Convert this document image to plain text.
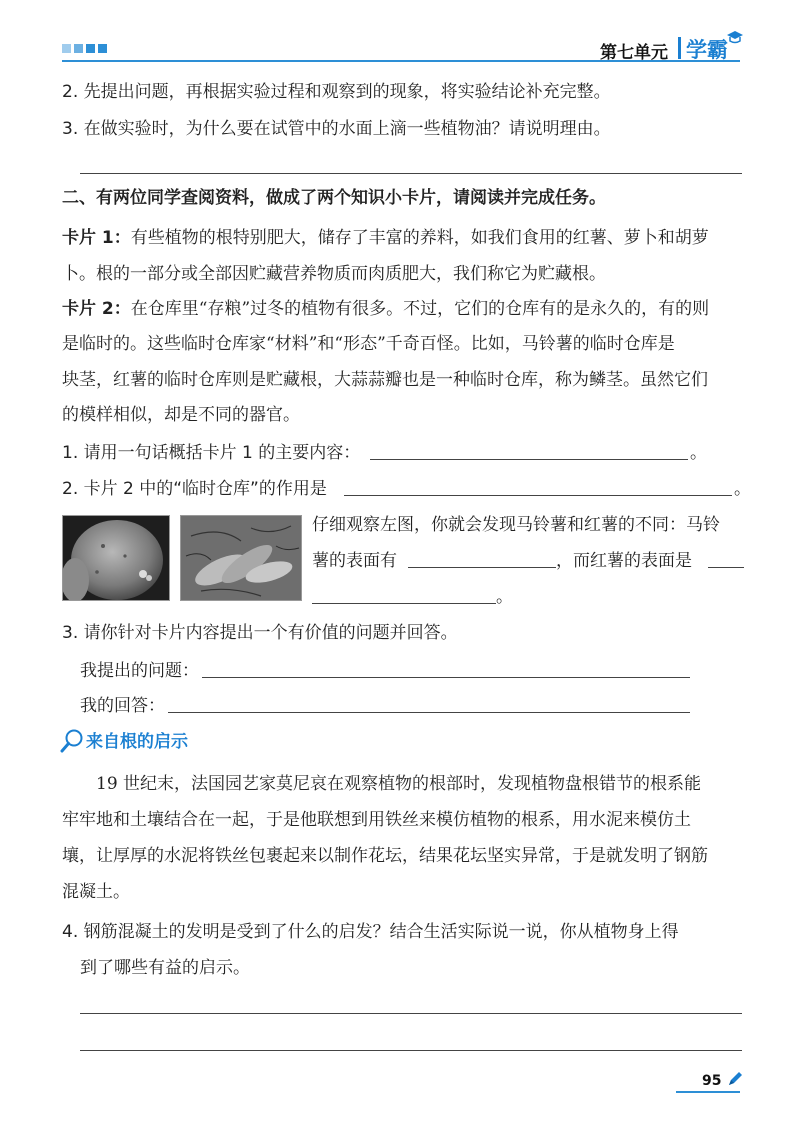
第七单元 学霸
2. 先提出问题，再根据实验过程和观察到的现象，将实验结论补充完整。
3. 在做实验时，为什么要在试管中的水面上滴一些植物油？请说明理由。
二、有两位同学查阅资料，做成了两个知识小卡片，请阅读并完成任务。
卡片 1：有些植物的根特别肥大，储存了丰富的养料，如我们食用的红薯、萝卜和胡萝
卜。根的一部分或全部因贮藏营养物质而肉质肥大，我们称它为贮藏根。
卡片 2：在仓库里“存粮”过冬的植物有很多。不过，它们的仓库有的是永久的，有的则
是临时的。这些临时仓库家“材料”和“形态”千奇百怪。比如，马铃薯的临时仓库是
块茎，红薯的临时仓库则是贮藏根，大蒜蒜瓣也是一种临时仓库，称为鳞茎。虽然它们
的模样相似，却是不同的器官。
1. 请用一句话概括卡片 1 的主要内容：	。
2. 卡片 2 中的“临时仓库”的作用是	。
仔细观察左图，你就会发现马铃薯和红薯的不同：马铃
薯的表面有	，而红薯的表面是
。
3. 请你针对卡片内容提出一个有价值的问题并回答。
我提出的问题：
我的回答：
来自根的启示
19 世纪末，法国园艺家莫尼哀在观察植物的根部时，发现植物盘根错节的根系能
牢牢地和土壤结合在一起，于是他联想到用铁丝来模仿植物的根系，用水泥来模仿土
壤，让厚厚的水泥将铁丝包裹起来以制作花坛，结果花坛坚实异常，于是就发明了钢筋
混凝土。
4. 钢筋混凝土的发明是受到了什么的启发？结合生活实际说一说，你从植物身上得
到了哪些有益的启示。
95
